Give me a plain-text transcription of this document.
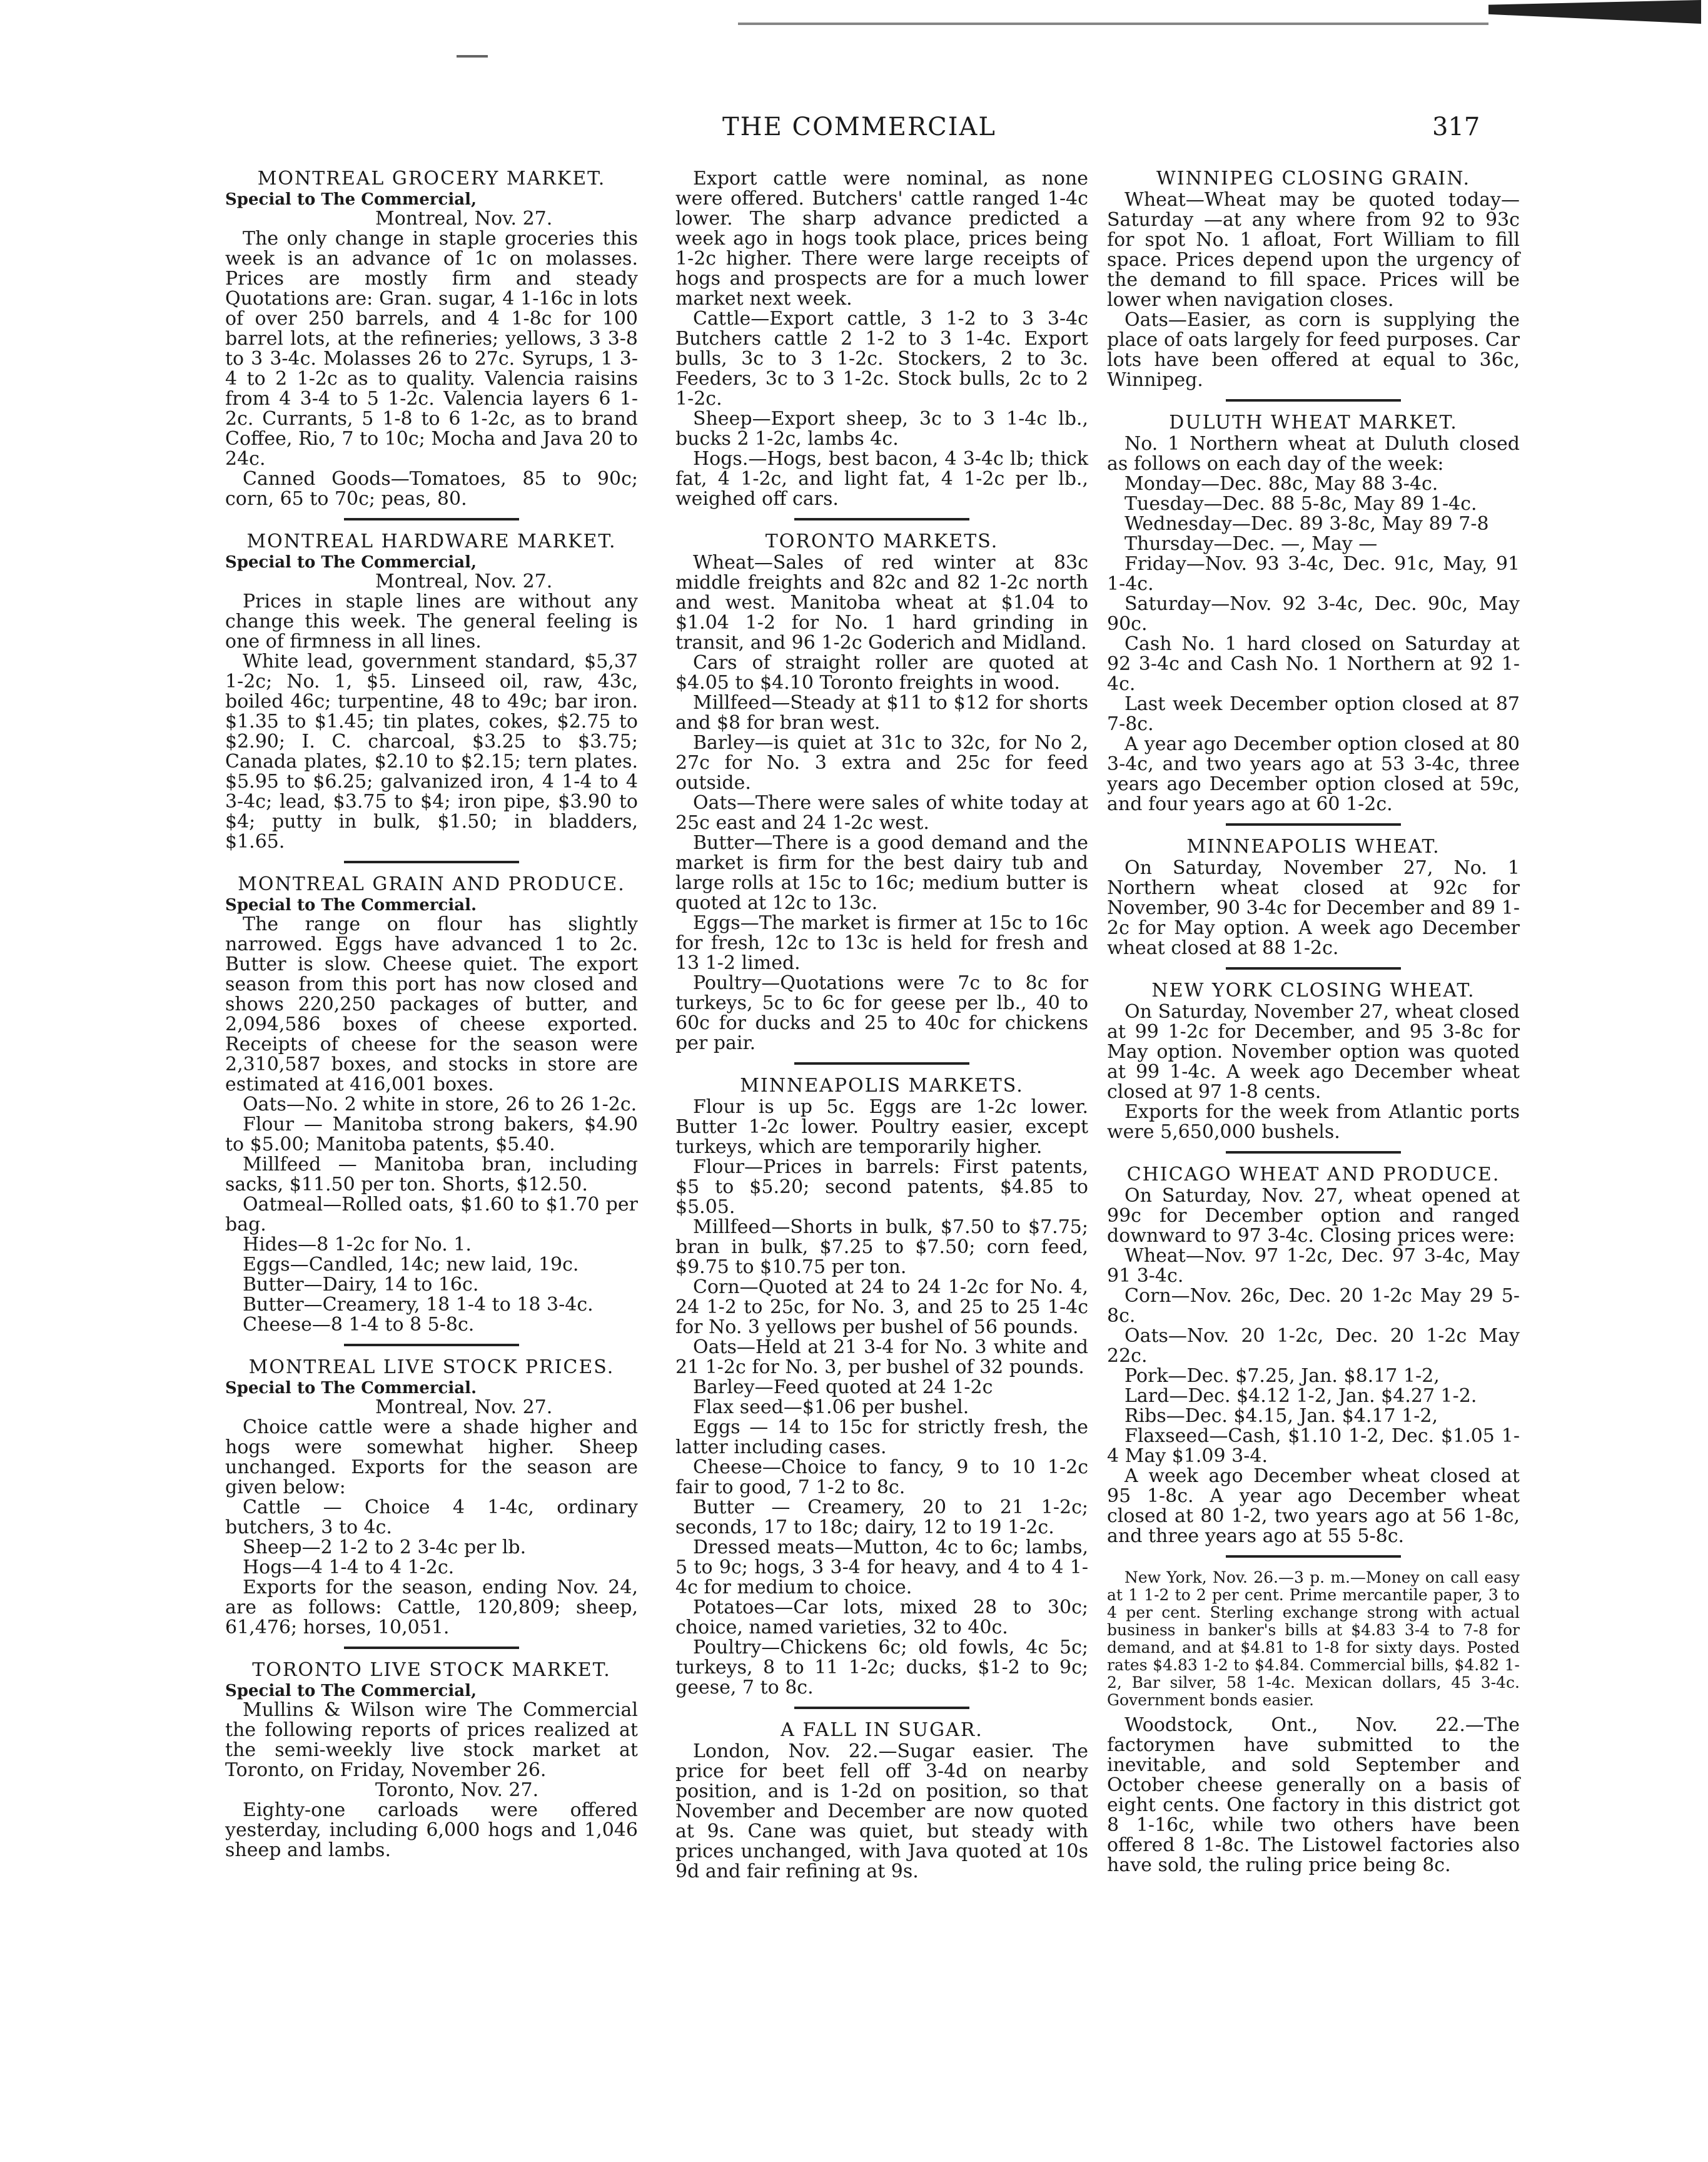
THE COMMERCIAL	317
MONTREAL GROCERY MARKET.
Special to The Commercial,
Montreal, Nov. 27.
The only change in staple groceries this week is an advance of 1c on molasses. Prices are mostly firm and steady Quotations are: Gran. sugar, 4 1-16c in lots of over 250 barrels, and 4 1-8c for 100 barrel lots, at the refineries; yellows, 3 3-8 to 3 3-4c. Molasses 26 to 27c. Syrups, 1 3-4 to 2 1-2c as to quality. Valencia raisins from 4 3-4 to 5 1-2c. Valencia layers 6 1-2c. Currants, 5 1-8 to 6 1-2c, as to brand Coffee, Rio, 7 to 10c; Mocha and Java 20 to 24c.
Canned Goods—Tomatoes, 85 to 90c; corn, 65 to 70c; peas, 80.
MONTREAL HARDWARE MARKET.
Special to The Commercial,
Montreal, Nov. 27.
Prices in staple lines are without any change this week. The general feeling is one of firmness in all lines.
White lead, government standard, $5,37 1-2c; No. 1, $5. Linseed oil, raw, 43c, boiled 46c; turpentine, 48 to 49c; bar iron. $1.35 to $1.45; tin plates, cokes, $2.75 to $2.90; I. C. charcoal, $3.25 to $3.75; Canada plates, $2.10 to $2.15; tern plates. $5.95 to $6.25; galvanized iron, 4 1-4 to 4 3-4c; lead, $3.75 to $4; iron pipe, $3.90 to $4; putty in bulk, $1.50; in bladders, $1.65.
MONTREAL GRAIN AND PRODUCE.
Special to The Commercial.
The range on flour has slightly narrowed. Eggs have advanced 1 to 2c. Butter is slow. Cheese quiet. The export season from this port has now closed and shows 220,250 packages of butter, and 2,094,586 boxes of cheese exported. Receipts of cheese for the season were 2,310,587 boxes, and stocks in store are estimated at 416,001 boxes.
Oats—No. 2 white in store, 26 to 26 1-2c.
Flour — Manitoba strong bakers, $4.90 to $5.00; Manitoba patents, $5.40.
Millfeed — Manitoba bran, including sacks, $11.50 per ton. Shorts, $12.50.
Oatmeal—Rolled oats, $1.60 to $1.70 per bag.
Hides—8 1-2c for No. 1.
Eggs—Candled, 14c; new laid, 19c.
Butter—Dairy, 14 to 16c.
Butter—Creamery, 18 1-4 to 18 3-4c.
Cheese—8 1-4 to 8 5-8c.
MONTREAL LIVE STOCK PRICES.
Special to The Commercial.
Montreal, Nov. 27.
Choice cattle were a shade higher and hogs were somewhat higher. Sheep unchanged. Exports for the season are given below:
Cattle — Choice 4 1-4c, ordinary butchers, 3 to 4c.
Sheep—2 1-2 to 2 3-4c per lb.
Hogs—4 1-4 to 4 1-2c.
Exports for the season, ending Nov. 24, are as follows: Cattle, 120,809; sheep, 61,476; horses, 10,051.
TORONTO LIVE STOCK MARKET.
Special to The Commercial,
Mullins & Wilson wire The Commercial the following reports of prices realized at the semi-weekly live stock market at Toronto, on Friday, November 26.
Toronto, Nov. 27.
Eighty-one carloads were offered yesterday, including 6,000 hogs and 1,046 sheep and lambs.
Export cattle were nominal, as none were offered. Butchers' cattle ranged 1-4c lower. The sharp advance predicted a week ago in hogs took place, prices being 1-2c higher. There were large receipts of hogs and prospects are for a much lower market next week.
Cattle—Export cattle, 3 1-2 to 3 3-4c Butchers cattle 2 1-2 to 3 1-4c. Export bulls, 3c to 3 1-2c. Stockers, 2 to 3c. Feeders, 3c to 3 1-2c. Stock bulls, 2c to 2 1-2c.
Sheep—Export sheep, 3c to 3 1-4c lb., bucks 2 1-2c, lambs 4c.
Hogs.—Hogs, best bacon, 4 3-4c lb; thick fat, 4 1-2c, and light fat, 4 1-2c per lb., weighed off cars.
TORONTO MARKETS.
Wheat—Sales of red winter at 83c middle freights and 82c and 82 1-2c north and west. Manitoba wheat at $1.04 to $1.04 1-2 for No. 1 hard grinding in transit, and 96 1-2c Goderich and Midland.
Cars of straight roller are quoted at $4.05 to $4.10 Toronto freights in wood.
Millfeed—Steady at $11 to $12 for shorts and $8 for bran west.
Barley—is quiet at 31c to 32c, for No 2, 27c for No. 3 extra and 25c for feed outside.
Oats—There were sales of white today at 25c east and 24 1-2c west.
Butter—There is a good demand and the market is firm for the best dairy tub and large rolls at 15c to 16c; medium butter is quoted at 12c to 13c.
Eggs—The market is firmer at 15c to 16c for fresh, 12c to 13c is held for fresh and 13 1-2 limed.
Poultry—Quotations were 7c to 8c for turkeys, 5c to 6c for geese per lb., 40 to 60c for ducks and 25 to 40c for chickens per pair.
MINNEAPOLIS MARKETS.
Flour is up 5c. Eggs are 1-2c lower. Butter 1-2c lower. Poultry easier, except turkeys, which are temporarily higher.
Flour—Prices in barrels: First patents, $5 to $5.20; second patents, $4.85 to $5.05.
Millfeed—Shorts in bulk, $7.50 to $7.75; bran in bulk, $7.25 to $7.50; corn feed, $9.75 to $10.75 per ton.
Corn—Quoted at 24 to 24 1-2c for No. 4, 24 1-2 to 25c, for No. 3, and 25 to 25 1-4c for No. 3 yellows per bushel of 56 pounds.
Oats—Held at 21 3-4 for No. 3 white and 21 1-2c for No. 3, per bushel of 32 pounds.
Barley—Feed quoted at 24 1-2c
Flax seed—$1.06 per bushel.
Eggs — 14 to 15c for strictly fresh, the latter including cases.
Cheese—Choice to fancy, 9 to 10 1-2c fair to good, 7 1-2 to 8c.
Butter — Creamery, 20 to 21 1-2c; seconds, 17 to 18c; dairy, 12 to 19 1-2c.
Dressed meats—Mutton, 4c to 6c; lambs, 5 to 9c; hogs, 3 3-4 for heavy, and 4 to 4 1-4c for medium to choice.
Potatoes—Car lots, mixed 28 to 30c; choice, named varieties, 32 to 40c.
Poultry—Chickens 6c; old fowls, 4c 5c; turkeys, 8 to 11 1-2c; ducks, $1-2 to 9c; geese, 7 to 8c.
A FALL IN SUGAR.
London, Nov. 22.—Sugar easier. The price for beet fell off 3-4d on nearby position, and is 1-2d on position, so that November and December are now quoted at 9s. Cane was quiet, but steady with prices unchanged, with Java quoted at 10s 9d and fair refining at 9s.
WINNIPEG CLOSING GRAIN.
Wheat—Wheat may be quoted today—Saturday —at any where from 92 to 93c for spot No. 1 afloat, Fort William to fill space. Prices depend upon the urgency of the demand to fill space. Prices will be lower when navigation closes.
Oats—Easier, as corn is supplying the place of oats largely for feed purposes. Car lots have been offered at equal to 36c, Winnipeg.
DULUTH WHEAT MARKET.
No. 1 Northern wheat at Duluth closed as follows on each day of the week:
Monday—Dec. 88c, May 88 3-4c.
Tuesday—Dec. 88 5-8c, May 89 1-4c.
Wednesday—Dec. 89 3-8c, May 89 7-8
Thursday—Dec. —, May —
Friday—Nov. 93 3-4c, Dec. 91c, May, 91 1-4c.
Saturday—Nov. 92 3-4c, Dec. 90c, May 90c.
Cash No. 1 hard closed on Saturday at 92 3-4c and Cash No. 1 Northern at 92 1-4c.
Last week December option closed at 87 7-8c.
A year ago December option closed at 80 3-4c, and two years ago at 53 3-4c, three years ago December option closed at 59c, and four years ago at 60 1-2c.
MINNEAPOLIS WHEAT.
On Saturday, November 27, No. 1 Northern wheat closed at 92c for November, 90 3-4c for December and 89 1-2c for May option. A week ago December wheat closed at 88 1-2c.
NEW YORK CLOSING WHEAT.
On Saturday, November 27, wheat closed at 99 1-2c for December, and 95 3-8c for May option. November option was quoted at 99 1-4c. A week ago December wheat closed at 97 1-8 cents.
Exports for the week from Atlantic ports were 5,650,000 bushels.
CHICAGO WHEAT AND PRODUCE.
On Saturday, Nov. 27, wheat opened at 99c for December option and ranged downward to 97 3-4c. Closing prices were:
Wheat—Nov. 97 1-2c, Dec. 97 3-4c, May 91 3-4c.
Corn—Nov. 26c, Dec. 20 1-2c May 29 5-8c.
Oats—Nov. 20 1-2c, Dec. 20 1-2c May 22c.
Pork—Dec. $7.25, Jan. $8.17 1-2,
Lard—Dec. $4.12 1-2, Jan. $4.27 1-2.
Ribs—Dec. $4.15, Jan. $4.17 1-2,
Flaxseed—Cash, $1.10 1-2, Dec. $1.05 1-4 May $1.09 3-4.
A week ago December wheat closed at 95 1-8c. A year ago December wheat closed at 80 1-2, two years ago at 56 1-8c, and three years ago at 55 5-8c.
New York, Nov. 26.—3 p. m.—Money on call easy at 1 1-2 to 2 per cent. Prime mercantile paper, 3 to 4 per cent. Sterling exchange strong with actual business in banker's bills at $4.83 3-4 to 7-8 for demand, and at $4.81 to 1-8 for sixty days. Posted rates $4.83 1-2 to $4.84. Commercial bills, $4.82 1-2, Bar silver, 58 1-4c. Mexican dollars, 45 3-4c. Government bonds easier.
Woodstock, Ont., Nov. 22.—The factorymen have submitted to the inevitable, and sold September and October cheese generally on a basis of eight cents. One factory in this district got 8 1-16c, while two others have been offered 8 1-8c. The Listowel factories also have sold, the ruling price being 8c.
